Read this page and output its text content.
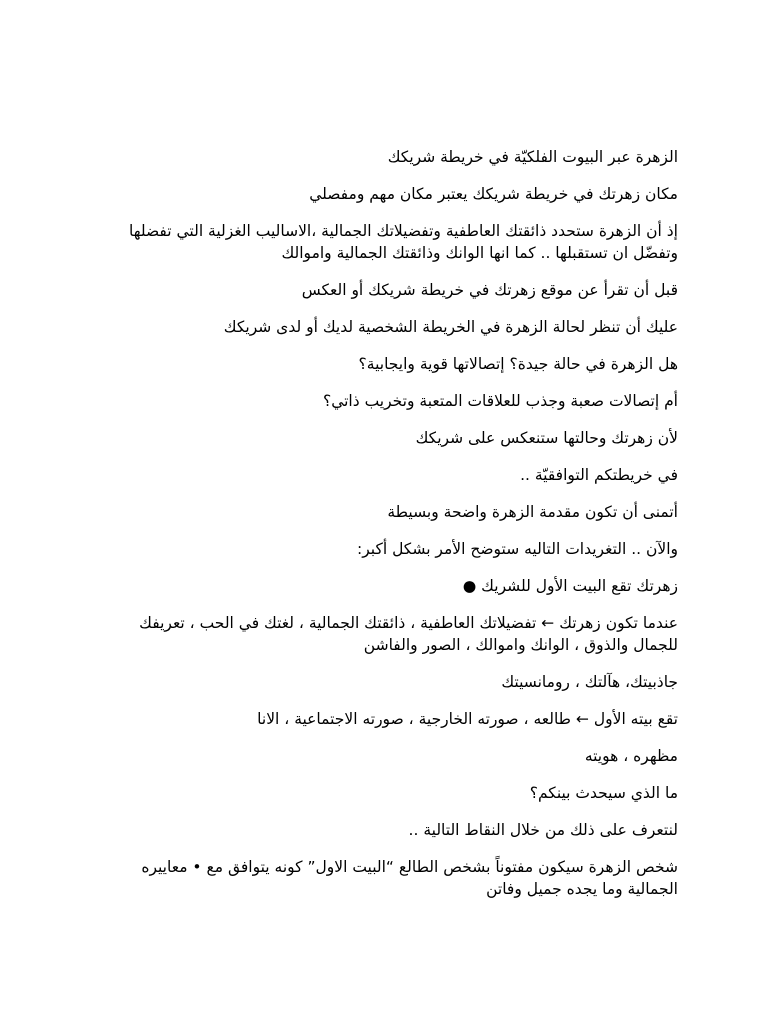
الزهرة عبر البيوت الفلكيّة في خريطة شريكك

مكان زهرتك في خريطة شريكك يعتبر مكان مهم ومفصلي

إذ أن الزهرة ستحدد ذائقتك العاطفية وتفضيلاتك الجمالية ،الاساليب الغزلية التي تفضلها وتفضّل ان تستقبلها .. كما انها الوانك وذائقتك الجمالية واموالك

قبل أن تقرأ عن موقع زهرتك في خريطة شريكك أو العكس

عليك أن تنظر لحالة الزهرة في الخريطة الشخصية لديك أو لدى شريكك

هل الزهرة في حالة جيدة؟ إتصالاتها قوية وايجابية؟

أم إتصالات صعبة وجذب للعلاقات المتعبة وتخريب ذاتي؟

لأن زهرتك وحالتها ستنعكس على شريكك

في خريطتكم التوافقيّة ..

أتمنى أن تكون مقدمة الزهرة واضحة وبسيطة

والآن .. التغريدات التاليه ستوضح الأمر بشكل أكبر:

زهرتك تقع البيت الأول للشريك ●

عندما تكون زهرتك ← تفضيلاتك العاطفية ، ذائقتك الجمالية ، لغتك في الحب ، تعريفك للجمال والذوق ، الوانك واموالك ، الصور والفاشن

جاذبيتك، هآلتك ، رومانسيتك

تقع بيته الأول ← طالعه ، صورته الخارجية ، صورته الاجتماعية ، الانا

مظهره ، هويته

ما الذي سيحدث بينكم؟

لنتعرف على ذلك من خلال النقاط التالية ..

شخص الزهرة سيكون مفتوناً بشخص الطالع “البيت الاول” كونه يتوافق مع • معاييره الجمالية وما يجده جميل وفاتن
